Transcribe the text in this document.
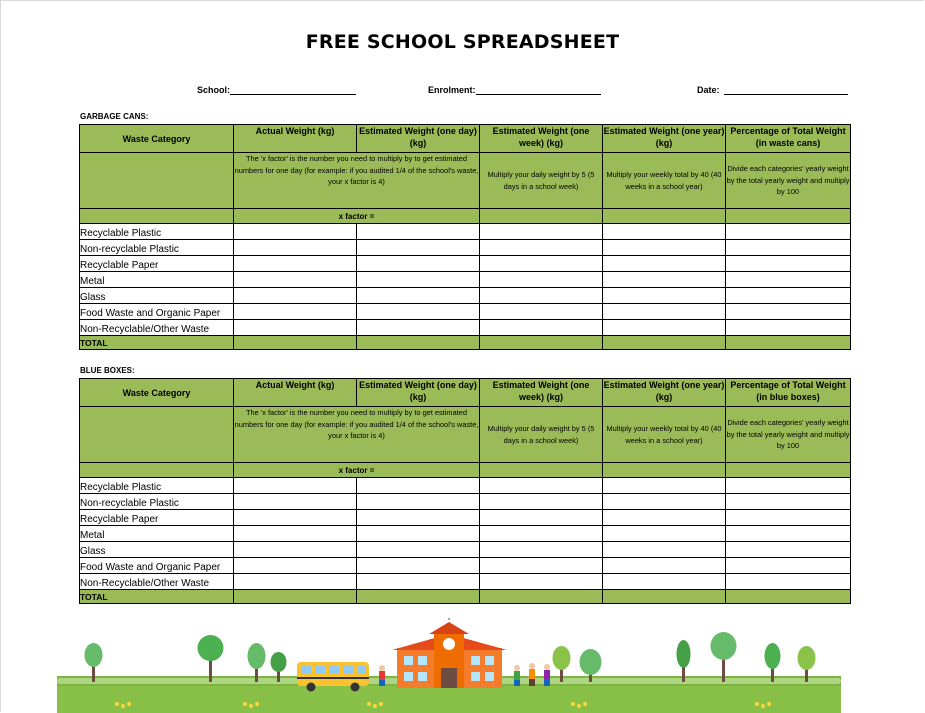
FREE SCHOOL SPREADSHEET
School:	Enrolment:	Date:
GARBAGE CANS:
Waste Category	Actual Weight (kg)	Estimated Weight (one day) (kg)	Estimated Weight (one week) (kg)	Estimated Weight (one year) (kg)	Percentage of Total Weight (in waste cans)
	The 'x factor' is the number you need to multiply by to get estimated numbers for one day (for example: if you audited 1/4 of the school's waste, your x factor is 4)		Multiply your daily weight by 5 (5 days in a school week)	Multiply your weekly total by 40 (40 weeks in a school year)	Divide each categories' yearly weight by the total yearly weight and multiply by 100
	x factor =				
Recyclable Plastic					
Non-recyclable Plastic					
Recyclable Paper					
Metal					
Glass					
Food Waste and Organic Paper					
Non-Recyclable/Other Waste					
TOTAL					
BLUE BOXES:
Waste Category	Actual Weight (kg)	Estimated Weight (one day) (kg)	Estimated Weight (one week) (kg)	Estimated Weight (one year) (kg)	Percentage of Total Weight (in blue boxes)
	The 'x factor' is the number you need to multiply by to get estimated numbers for one day (for example: if you audited 1/4 of the school's waste, your x factor is 4)		Multiply your daily weight by 5 (5 days in a school week)	Multiply your weekly total by 40 (40 weeks in a school year)	Divide each categories' yearly weight by the total yearly weight and multiply by 100
	x factor =				
Recyclable Plastic					
Non-recyclable Plastic					
Recyclable Paper					
Metal					
Glass					
Food Waste and Organic Paper					
Non-Recyclable/Other Waste					
TOTAL					
